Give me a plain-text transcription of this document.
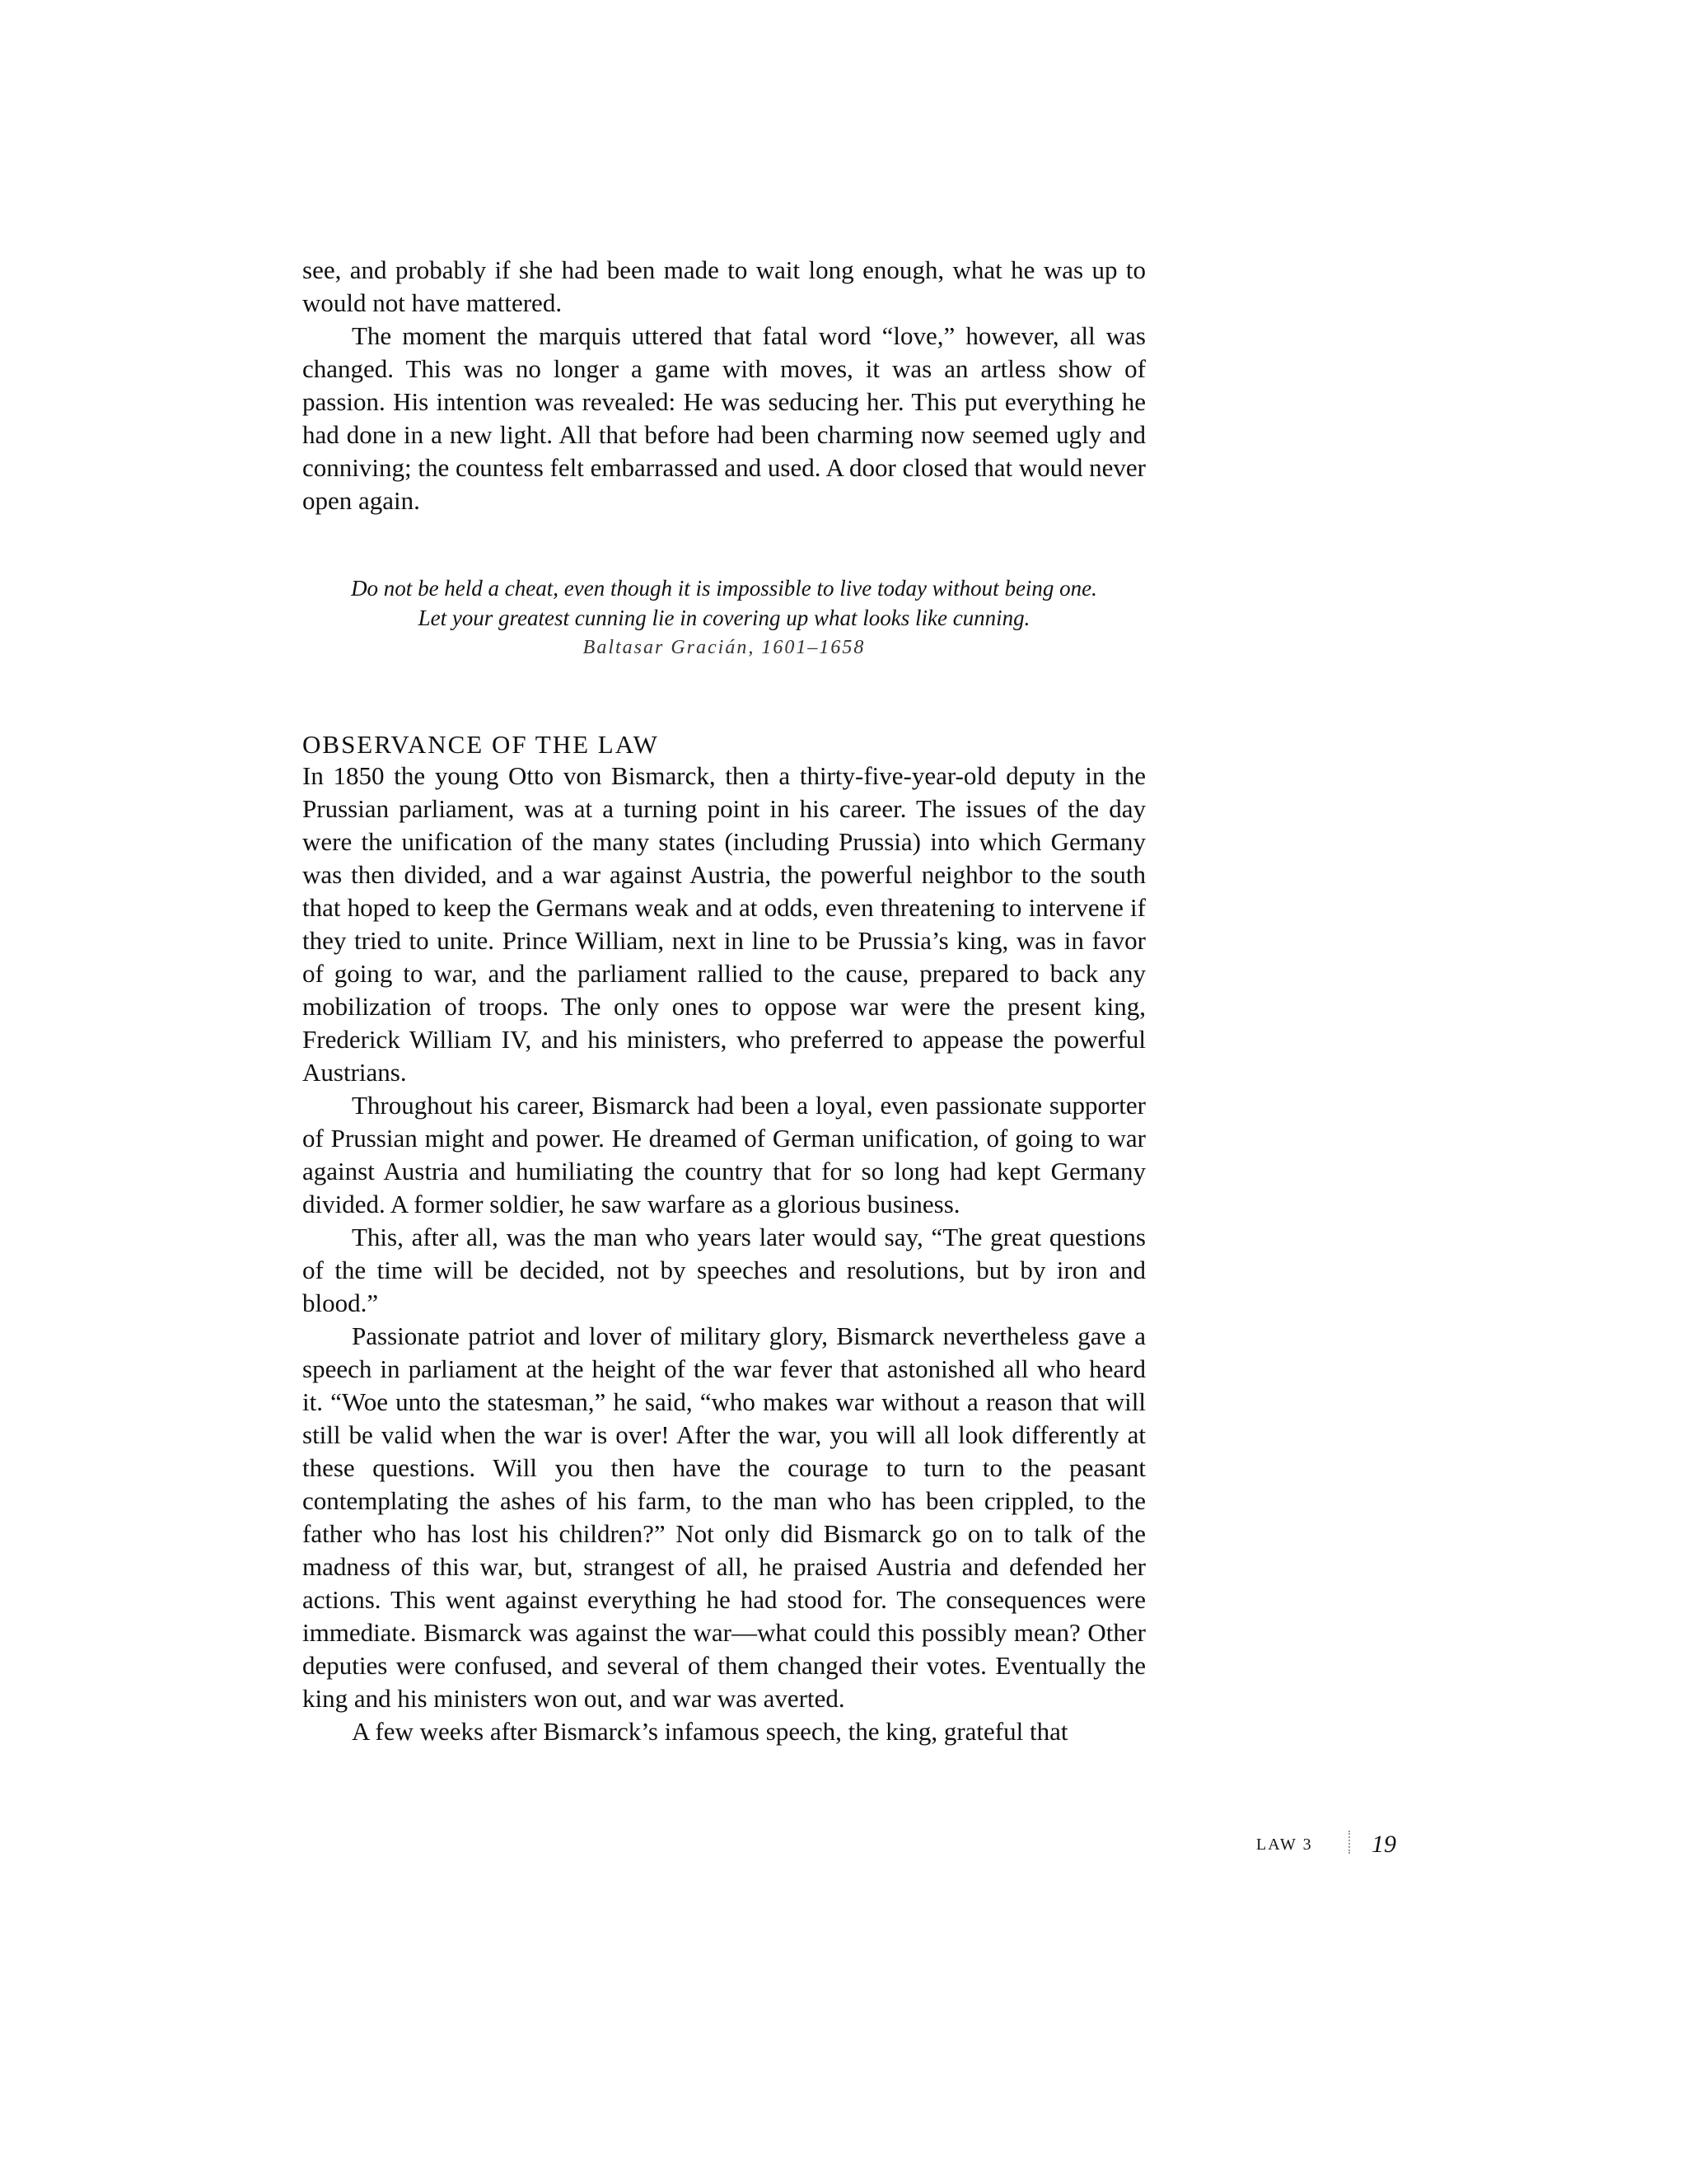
see, and probably if she had been made to wait long enough, what he was up to would not have mattered.

The moment the marquis uttered that fatal word “love,” however, all was changed. This was no longer a game with moves, it was an artless show of passion. His intention was revealed: He was seducing her. This put everything he had done in a new light. All that before had been charming now seemed ugly and conniving; the countess felt embarrassed and used. A door closed that would never open again.

Do not be held a cheat, even though it is impossible to live today without being one.
Let your greatest cunning lie in covering up what looks like cunning.
Baltasar Gracián, 1601–1658
OBSERVANCE OF THE LAW

In 1850 the young Otto von Bismarck, then a thirty-five-year-old deputy in the Prussian parliament, was at a turning point in his career. The issues of the day were the unification of the many states (including Prussia) into which Germany was then divided, and a war against Austria, the powerful neighbor to the south that hoped to keep the Germans weak and at odds, even threatening to intervene if they tried to unite. Prince William, next in line to be Prussia’s king, was in favor of going to war, and the parliament rallied to the cause, prepared to back any mobilization of troops. The only ones to oppose war were the present king, Frederick William IV, and his ministers, who preferred to appease the powerful Austrians.

Throughout his career, Bismarck had been a loyal, even passionate supporter of Prussian might and power. He dreamed of German unification, of going to war against Austria and humiliating the country that for so long had kept Germany divided. A former soldier, he saw warfare as a glorious business.

This, after all, was the man who years later would say, “The great questions of the time will be decided, not by speeches and resolutions, but by iron and blood.”

Passionate patriot and lover of military glory, Bismarck nevertheless gave a speech in parliament at the height of the war fever that astonished all who heard it. “Woe unto the statesman,” he said, “who makes war without a reason that will still be valid when the war is over! After the war, you will all look differently at these questions. Will you then have the courage to turn to the peasant contemplating the ashes of his farm, to the man who has been crippled, to the father who has lost his children?” Not only did Bismarck go on to talk of the madness of this war, but, strangest of all, he praised Austria and defended her actions. This went against everything he had stood for. The consequences were immediate. Bismarck was against the war—what could this possibly mean? Other deputies were confused, and several of them changed their votes. Eventually the king and his ministers won out, and war was averted.

A few weeks after Bismarck’s infamous speech, the king, grateful that

LAW 3 19
